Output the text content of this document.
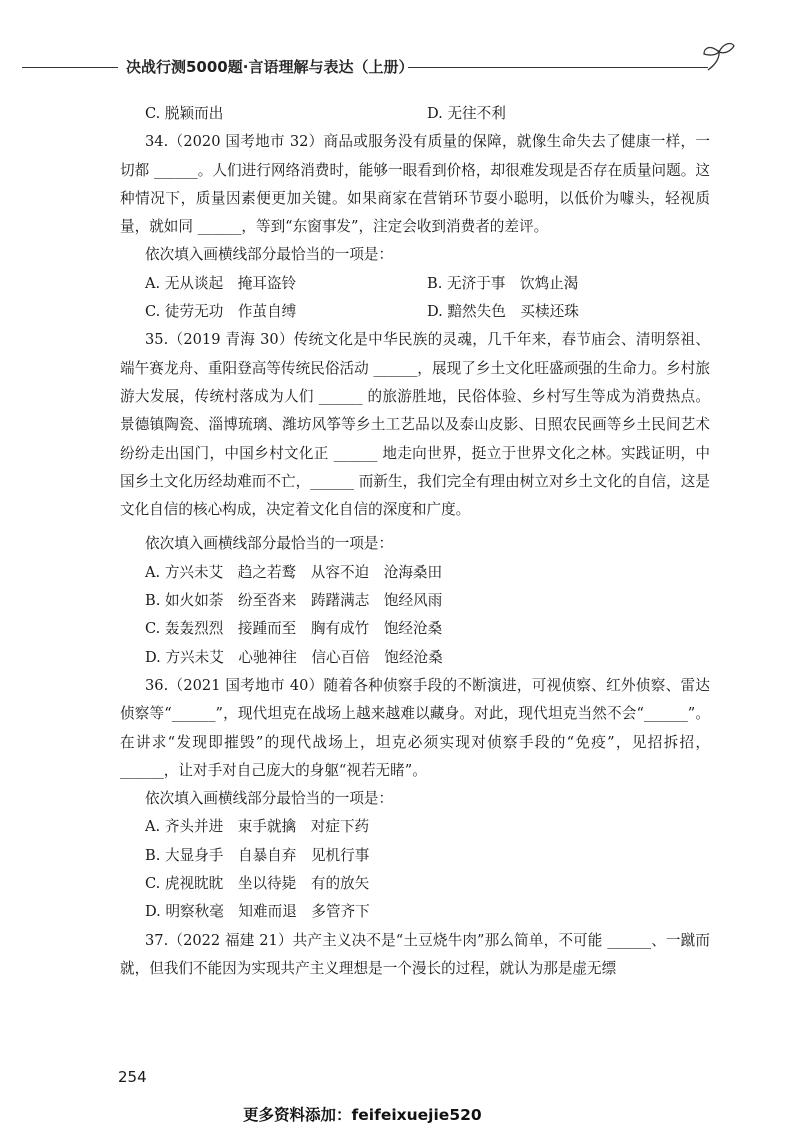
决战行测5000题·言语理解与表达（上册）
C. 脱颖而出	D. 无往不利

34.（2020 国考地市 32）商品或服务没有质量的保障，就像生命失去了健康一样，一切都 ______。人们进行网络消费时，能够一眼看到价格，却很难发现是否存在质量问题。这种情况下，质量因素便更加关键。如果商家在营销环节耍小聪明，以低价为噱头，轻视质量，就如同 ______，等到“东窗事发”，注定会收到消费者的差评。

依次填入画横线部分最恰当的一项是：

A. 无从谈起　掩耳盗铃	B. 无济于事　饮鸩止渴
C. 徒劳无功　作茧自缚	D. 黯然失色　买椟还珠

35.（2019 青海 30）传统文化是中华民族的灵魂，几千年来，春节庙会、清明祭祖、端午赛龙舟、重阳登高等传统民俗活动 ______，展现了乡土文化旺盛顽强的生命力。乡村旅游大发展，传统村落成为人们 ______ 的旅游胜地，民俗体验、乡村写生等成为消费热点。景德镇陶瓷、淄博琉璃、潍坊风筝等乡土工艺品以及泰山皮影、日照农民画等乡土民间艺术纷纷走出国门，中国乡村文化正 ______ 地走向世界，挺立于世界文化之林。实践证明，中国乡土文化历经劫难而不亡，______ 而新生，我们完全有理由树立对乡土文化的自信，这是文化自信的核心构成，决定着文化自信的深度和广度。

依次填入画横线部分最恰当的一项是：

A. 方兴未艾　趋之若鹜　从容不迫　沧海桑田

B. 如火如荼　纷至沓来　踌躇满志　饱经风雨

C. 轰轰烈烈　接踵而至　胸有成竹　饱经沧桑

D. 方兴未艾　心驰神往　信心百倍　饱经沧桑

36.（2021 国考地市 40）随着各种侦察手段的不断演进，可视侦察、红外侦察、雷达侦察等“______”，现代坦克在战场上越来越难以藏身。对此，现代坦克当然不会“______”。在讲求“发现即摧毁”的现代战场上，坦克必须实现对侦察手段的“免疫”，见招拆招，______，让对手对自己庞大的身躯“视若无睹”。

依次填入画横线部分最恰当的一项是：

A. 齐头并进　束手就擒　对症下药

B. 大显身手　自暴自弃　见机行事

C. 虎视眈眈　坐以待毙　有的放矢

D. 明察秋毫　知难而退　多管齐下

37.（2022 福建 21）共产主义决不是“土豆烧牛肉”那么简单，不可能 ______、一蹴而就，但我们不能因为实现共产主义理想是一个漫长的过程，就认为那是虚无缥

254
更多资料添加：feifeixuejie520
